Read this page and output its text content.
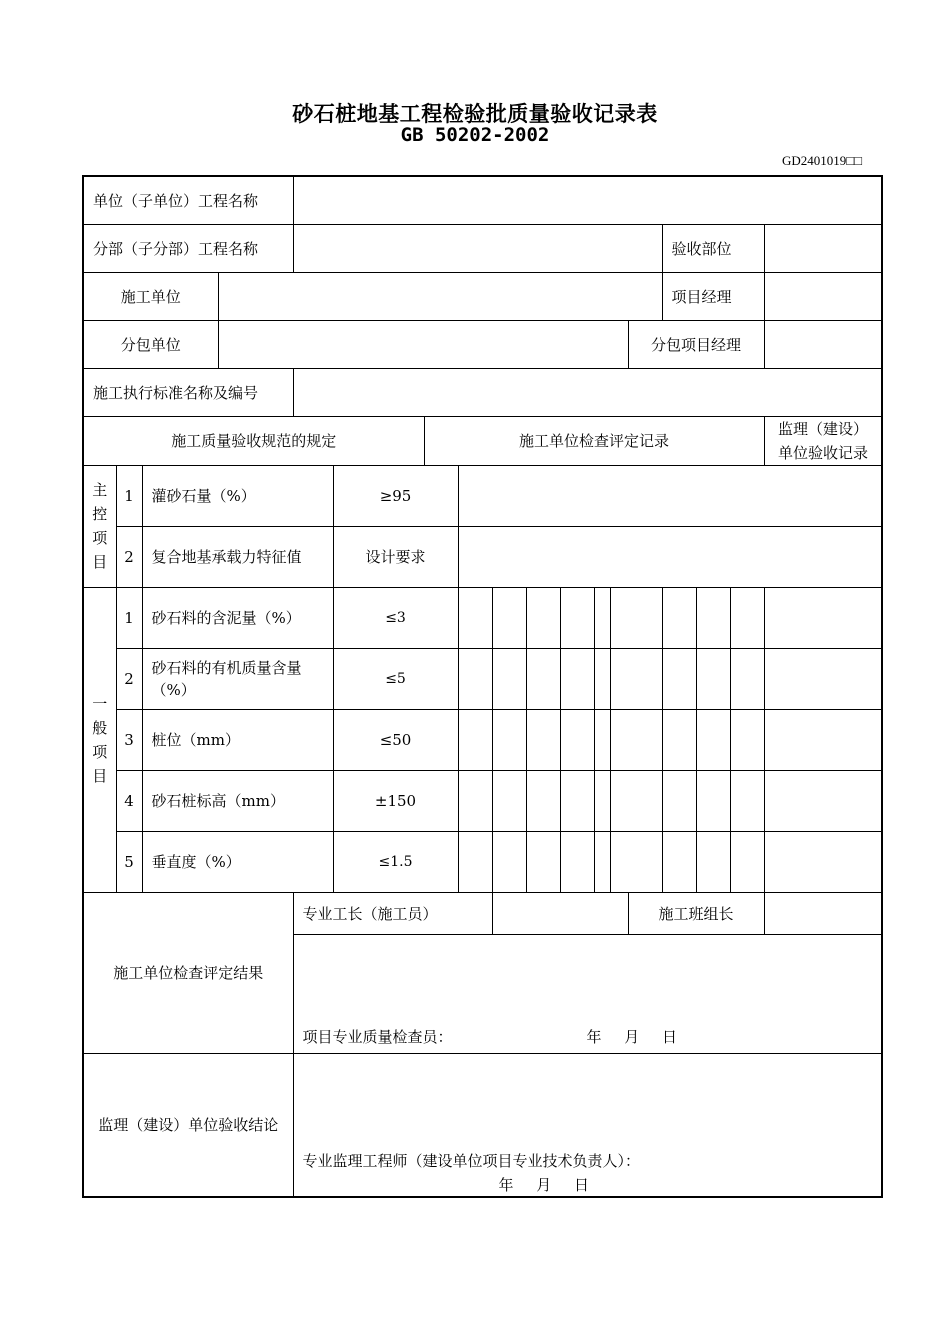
砂石桩地基工程检验批质量验收记录表
GB 50202-2002
GD2401019□□
单位（子单位）工程名称																		
分部（子分部）工程名称														验收部位				
施工单位														项目经理				
分包单位													分包项目经理					
施工执行标准名称及编号																		
施工质量验收规范的规定						施工单位检查评定记录											监理（建设）
单位验收记录	

主
控
项
目	1	灌砂石量（%）			≥95													
	2	复合地基承载力特征值			设计要求													

一
般
项
目	1	砂石料的含泥量（%）			≤3													
	2	砂石料的有机质量含量（%）			≤5													
	3	桩位（mm）			≤50													
	4	砂石桩标高（mm）			±150													
	5	垂直度（%）			≤1.5													
施工单位检查评定结果				专业工长（施工员）									施工班组长					

				项目专业质量检查员： 年 月 日														

监理（建设）单位验收结论				专业监理工程师（建设单位项目专业技术负责人）：
年 月 日														
